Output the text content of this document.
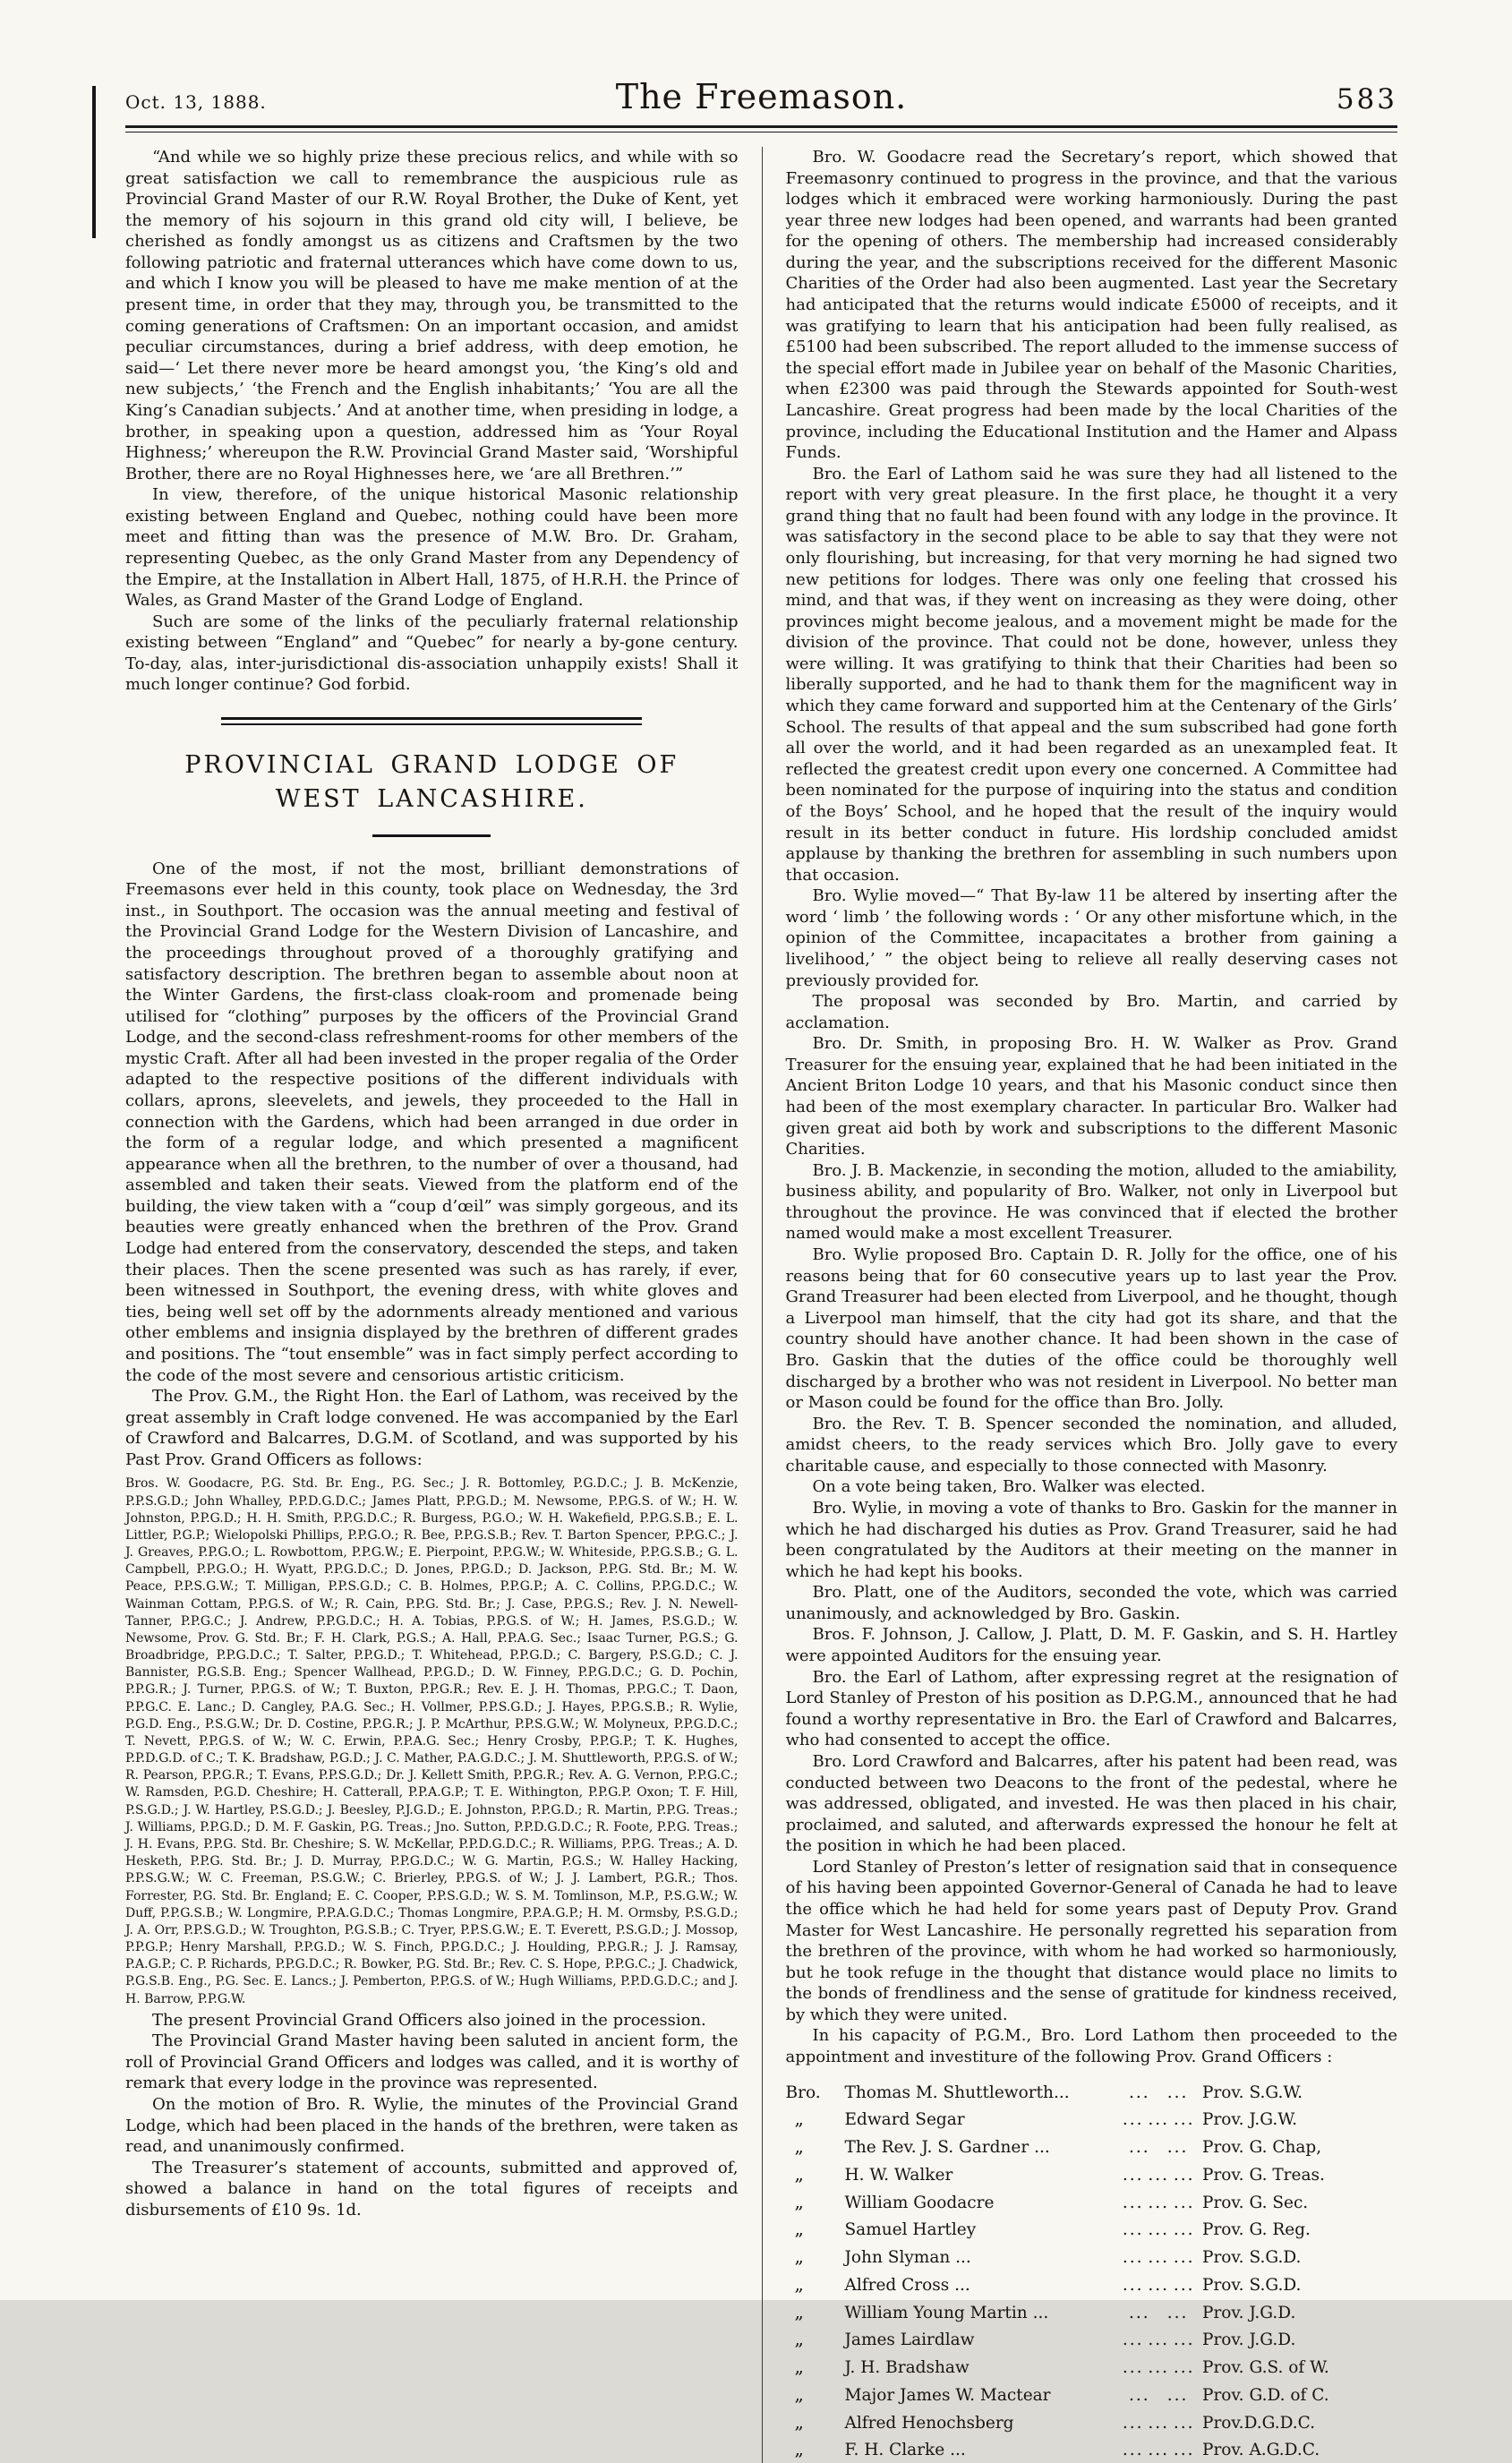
Oct. 13, 1888.	The Freemason.	583

“And while we so highly prize these precious relics, and while with so great satisfaction we call to remembrance the auspicious rule as Provincial Grand Master of our R.W. Royal Brother, the Duke of Kent, yet the memory of his sojourn in this grand old city will, I believe, be cherished as fondly amongst us as citizens and Craftsmen by the two following patriotic and fraternal utterances which have come down to us, and which I know you will be pleased to have me make mention of at the present time, in order that they may, through you, be transmitted to the coming generations of Craftsmen: On an important occasion, and amidst peculiar circumstances, during a brief address, with deep emotion, he said—‘ Let there never more be heard amongst you, ‘the King’s old and new subjects,’ ‘the French and the English inhabitants;’ ‘You are all the King’s Canadian subjects.’ And at another time, when presiding in lodge, a brother, in speaking upon a question, addressed him as ‘Your Royal Highness;’ whereupon the R.W. Provincial Grand Master said, ‘Worshipful Brother, there are no Royal Highnesses here, we ‘are all Brethren.’”

In view, therefore, of the unique historical Masonic relationship existing between England and Quebec, nothing could have been more meet and fitting than was the presence of M.W. Bro. Dr. Graham, representing Quebec, as the only Grand Master from any Dependency of the Empire, at the Installation in Albert Hall, 1875, of H.R.H. the Prince of Wales, as Grand Master of the Grand Lodge of England.

Such are some of the links of the peculiarly fraternal relationship existing between “England” and “Quebec” for nearly a by-gone century. To-day, alas, inter-jurisdictional dis-association unhappily exists! Shall it much longer continue? God forbid.

PROVINCIAL GRAND LODGE OF WEST LANCASHIRE.

One of the most, if not the most, brilliant demonstrations of Freemasons ever held in this county, took place on Wednesday, the 3rd inst., in Southport. The occasion was the annual meeting and festival of the Provincial Grand Lodge for the Western Division of Lancashire, and the proceedings throughout proved of a thoroughly gratifying and satisfactory description. The brethren began to assemble about noon at the Winter Gardens, the first-class cloak-room and promenade being utilised for “clothing” purposes by the officers of the Provincial Grand Lodge, and the second-class refreshment-rooms for other members of the mystic Craft. After all had been invested in the proper regalia of the Order adapted to the respective positions of the different individuals with collars, aprons, sleevelets, and jewels, they proceeded to the Hall in connection with the Gardens, which had been arranged in due order in the form of a regular lodge, and which presented a magnificent appearance when all the brethren, to the number of over a thousand, had assembled and taken their seats. Viewed from the platform end of the building, the view taken with a “coup d’œil” was simply gorgeous, and its beauties were greatly enhanced when the brethren of the Prov. Grand Lodge had entered from the conservatory, descended the steps, and taken their places. Then the scene presented was such as has rarely, if ever, been witnessed in Southport, the evening dress, with white gloves and ties, being well set off by the adornments already mentioned and various other emblems and insignia displayed by the brethren of different grades and positions. The “tout ensemble” was in fact simply perfect according to the code of the most severe and censorious artistic criticism.

The Prov. G.M., the Right Hon. the Earl of Lathom, was received by the great assembly in Craft lodge convened. He was accompanied by the Earl of Crawford and Balcarres, D.G.M. of Scotland, and was supported by his Past Prov. Grand Officers as follows:

Bros. W. Goodacre, P.G. Std. Br. Eng., P.G. Sec.; J. R. Bottomley, P.G.D.C.; J. B. McKenzie, P.P.S.G.D.; John Whalley, P.P.D.G.D.C.; James Platt, P.P.G.D.; M. Newsome, P.P.G.S. of W.; H. W. Johnston, P.P.G.D.; H. H. Smith, P.P.G.D.C.; R. Burgess, P.G.O.; W. H. Wakefield, P.P.G.S.B.; E. L. Littler, P.G.P.; Wielopolski Phillips, P.P.G.O.; R. Bee, P.P.G.S.B.; Rev. T. Barton Spencer, P.P.G.C.; J. J. Greaves, P.P.G.O.; L. Rowbottom, P.P.G.W.; E. Pierpoint, P.P.G.W.; W. Whiteside, P.P.G.S.B.; G. L. Campbell, P.P.G.O.; H. Wyatt, P.P.G.D.C.; D. Jones, P.P.G.D.; D. Jackson, P.P.G. Std. Br.; M. W. Peace, P.P.S.G.W.; T. Milligan, P.P.S.G.D.; C. B. Holmes, P.P.G.P.; A. C. Collins, P.P.G.D.C.; W. Wainman Cottam, P.P.G.S. of W.; R. Cain, P.P.G. Std. Br.; J. Case, P.P.G.S.; Rev. J. N. Newell-Tanner, P.P.G.C.; J. Andrew, P.P.G.D.C.; H. A. Tobias, P.P.G.S. of W.; H. James, P.S.G.D.; W. Newsome, Prov. G. Std. Br.; F. H. Clark, P.G.S.; A. Hall, P.P.A.G. Sec.; Isaac Turner, P.G.S.; G. Broadbridge, P.P.G.D.C.; T. Salter, P.P.G.D.; T. Whitehead, P.P.G.D.; C. Bargery, P.S.G.D.; C. J. Bannister, P.G.S.B. Eng.; Spencer Wallhead, P.P.G.D.; D. W. Finney, P.P.G.D.C.; G. D. Pochin, P.P.G.R.; J. Turner, P.P.G.S. of W.; T. Buxton, P.P.G.R.; Rev. E. J. H. Thomas, P.P.G.C.; T. Daon, P.P.G.C. E. Lanc.; D. Cangley, P.A.G. Sec.; H. Vollmer, P.P.S.G.D.; J. Hayes, P.P.G.S.B.; R. Wylie, P.G.D. Eng., P.S.G.W.; Dr. D. Costine, P.P.G.R.; J. P. McArthur, P.P.S.G.W.; W. Molyneux, P.P.G.D.C.; T. Nevett, P.P.G.S. of W.; W. C. Erwin, P.P.A.G. Sec.; Henry Crosby, P.P.G.P.; T. K. Hughes, P.P.D.G.D. of C.; T. K. Bradshaw, P.G.D.; J. C. Mather, P.A.G.D.C.; J. M. Shuttleworth, P.P.G.S. of W.; R. Pearson, P.P.G.R.; T. Evans, P.P.S.G.D.; Dr. J. Kellett Smith, P.P.G.R.; Rev. A. G. Vernon, P.P.G.C.; W. Ramsden, P.G.D. Cheshire; H. Catterall, P.P.A.G.P.; T. E. Withington, P.P.G.P. Oxon; T. F. Hill, P.S.G.D.; J. W. Hartley, P.S.G.D.; J. Beesley, P.J.G.D.; E. Johnston, P.P.G.D.; R. Martin, P.P.G. Treas.; J. Williams, P.P.G.D.; D. M. F. Gaskin, P.G. Treas.; Jno. Sutton, P.P.D.G.D.C.; R. Foote, P.P.G. Treas.; J. H. Evans, P.P.G. Std. Br. Cheshire; S. W. McKellar, P.P.D.G.D.C.; R. Williams, P.P.G. Treas.; A. D. Hesketh, P.P.G. Std. Br.; J. D. Murray, P.P.G.D.C.; W. G. Martin, P.G.S.; W. Halley Hacking, P.P.S.G.W.; W. C. Freeman, P.S.G.W.; C. Brierley, P.P.G.S. of W.; J. J. Lambert, P.G.R.; Thos. Forrester, P.G. Std. Br. England; E. C. Cooper, P.P.S.G.D.; W. S. M. Tomlinson, M.P., P.S.G.W.; W. Duff, P.P.G.S.B.; W. Longmire, P.P.A.G.D.C.; Thomas Longmire, P.P.A.G.P.; H. M. Ormsby, P.S.G.D.; J. A. Orr, P.P.S.G.D.; W. Troughton, P.G.S.B.; C. Tryer, P.P.S.G.W.; E. T. Everett, P.S.G.D.; J. Mossop, P.P.G.P.; Henry Marshall, P.P.G.D.; W. S. Finch, P.P.G.D.C.; J. Houlding, P.P.G.R.; J. J. Ramsay, P.A.G.P.; C. P. Richards, P.P.G.D.C.; R. Bowker, P.G. Std. Br.; Rev. C. S. Hope, P.P.G.C.; J. Chadwick, P.G.S.B. Eng., P.G. Sec. E. Lancs.; J. Pemberton, P.P.G.S. of W.; Hugh Williams, P.P.D.G.D.C.; and J. H. Barrow, P.P.G.W.

The present Provincial Grand Officers also joined in the procession.

The Provincial Grand Master having been saluted in ancient form, the roll of Provincial Grand Officers and lodges was called, and it is worthy of remark that every lodge in the province was represented.

On the motion of Bro. R. Wylie, the minutes of the Provincial Grand Lodge, which had been placed in the hands of the brethren, were taken as read, and unanimously confirmed.

The Treasurer’s statement of accounts, submitted and approved of, showed a balance in hand on the total figures of receipts and disbursements of £10 9s. 1d.

Bro. W. Goodacre read the Secretary’s report, which showed that Freemasonry continued to progress in the province, and that the various lodges which it embraced were working harmoniously. During the past year three new lodges had been opened, and warrants had been granted for the opening of others. The membership had increased considerably during the year, and the subscriptions received for the different Masonic Charities of the Order had also been augmented. Last year the Secretary had anticipated that the returns would indicate £5000 of receipts, and it was gratifying to learn that his anticipation had been fully realised, as £5100 had been subscribed. The report alluded to the immense success of the special effort made in Jubilee year on behalf of the Masonic Charities, when £2300 was paid through the Stewards appointed for South-west Lancashire. Great progress had been made by the local Charities of the province, including the Educational Institution and the Hamer and Alpass Funds.

Bro. the Earl of Lathom said he was sure they had all listened to the report with very great pleasure. In the first place, he thought it a very grand thing that no fault had been found with any lodge in the province. It was satisfactory in the second place to be able to say that they were not only flourishing, but increasing, for that very morning he had signed two new petitions for lodges. There was only one feeling that crossed his mind, and that was, if they went on increasing as they were doing, other provinces might become jealous, and a movement might be made for the division of the province. That could not be done, however, unless they were willing. It was gratifying to think that their Charities had been so liberally supported, and he had to thank them for the magnificent way in which they came forward and supported him at the Centenary of the Girls’ School. The results of that appeal and the sum subscribed had gone forth all over the world, and it had been regarded as an unexampled feat. It reflected the greatest credit upon every one concerned. A Committee had been nominated for the purpose of inquiring into the status and condition of the Boys’ School, and he hoped that the result of the inquiry would result in its better conduct in future. His lordship concluded amidst applause by thanking the brethren for assembling in such numbers upon that occasion.

Bro. Wylie moved—“ That By-law 11 be altered by inserting after the word ‘ limb ’ the following words : ‘ Or any other misfortune which, in the opinion of the Committee, incapacitates a brother from gaining a livelihood,’ ” the object being to relieve all really deserving cases not previously provided for.

The proposal was seconded by Bro. Martin, and carried by acclamation.

Bro. Dr. Smith, in proposing Bro. H. W. Walker as Prov. Grand Treasurer for the ensuing year, explained that he had been initiated in the Ancient Briton Lodge 10 years, and that his Masonic conduct since then had been of the most exemplary character. In particular Bro. Walker had given great aid both by work and subscriptions to the different Masonic Charities.

Bro. J. B. Mackenzie, in seconding the motion, alluded to the amiability, business ability, and popularity of Bro. Walker, not only in Liverpool but throughout the province. He was convinced that if elected the brother named would make a most excellent Treasurer.

Bro. Wylie proposed Bro. Captain D. R. Jolly for the office, one of his reasons being that for 60 consecutive years up to last year the Prov. Grand Treasurer had been elected from Liverpool, and he thought, though a Liverpool man himself, that the city had got its share, and that the country should have another chance. It had been shown in the case of Bro. Gaskin that the duties of the office could be thoroughly well discharged by a brother who was not resident in Liverpool. No better man or Mason could be found for the office than Bro. Jolly.

Bro. the Rev. T. B. Spencer seconded the nomination, and alluded, amidst cheers, to the ready services which Bro. Jolly gave to every charitable cause, and especially to those connected with Masonry.

On a vote being taken, Bro. Walker was elected.

Bro. Wylie, in moving a vote of thanks to Bro. Gaskin for the manner in which he had discharged his duties as Prov. Grand Treasurer, said he had been congratulated by the Auditors at their meeting on the manner in which he had kept his books.

Bro. Platt, one of the Auditors, seconded the vote, which was carried unanimously, and acknowledged by Bro. Gaskin.

Bros. F. Johnson, J. Callow, J. Platt, D. M. F. Gaskin, and S. H. Hartley were appointed Auditors for the ensuing year.

Bro. the Earl of Lathom, after expressing regret at the resignation of Lord Stanley of Preston of his position as D.P.G.M., announced that he had found a worthy representative in Bro. the Earl of Crawford and Balcarres, who had consented to accept the office.

Bro. Lord Crawford and Balcarres, after his patent had been read, was conducted between two Deacons to the front of the pedestal, where he was addressed, obligated, and invested. He was then placed in his chair, proclaimed, and saluted, and afterwards expressed the honour he felt at the position in which he had been placed.

Lord Stanley of Preston’s letter of resignation said that in consequence of his having been appointed Governor-General of Canada he had to leave the office which he had held for some years past of Deputy Prov. Grand Master for West Lancashire. He personally regretted his separation from the brethren of the province, with whom he had worked so harmoniously, but he took refuge in the thought that distance would place no limits to the bonds of frendliness and the sense of gratitude for kindness received, by which they were united.

In his capacity of P.G.M., Bro. Lord Lathom then proceeded to the appointment and investiture of the following Prov. Grand Officers :

Bro.	Thomas M. Shuttleworth...	... ... Prov. S.G.W.
„	Edward Segar	... ... ... Prov. J.G.W.
„	The Rev. J. S. Gardner ...	... ... Prov. G. Chap,
„	H. W. Walker	... ... ... Prov. G. Treas.
„	William Goodacre	... ... ... Prov. G. Sec.
„	Samuel Hartley	... ... ... Prov. G. Reg.
„	John Slyman ...	... ... ... Prov. S.G.D.
„	Alfred Cross ...	... ... ... Prov. S.G.D.
„	William Young Martin ...	... ... Prov. J.G.D.
„	James Lairdlaw	... ... ... Prov. J.G.D.
„	J. H. Bradshaw	... ... ... Prov. G.S. of W.
„	Major James W. Mactear	... ... Prov. G.D. of C.
„	Alfred Henochsberg	... ... ... Prov.D.G.D.C.
„	F. H. Clarke ...	... ... ... Prov. A.G.D.C.
